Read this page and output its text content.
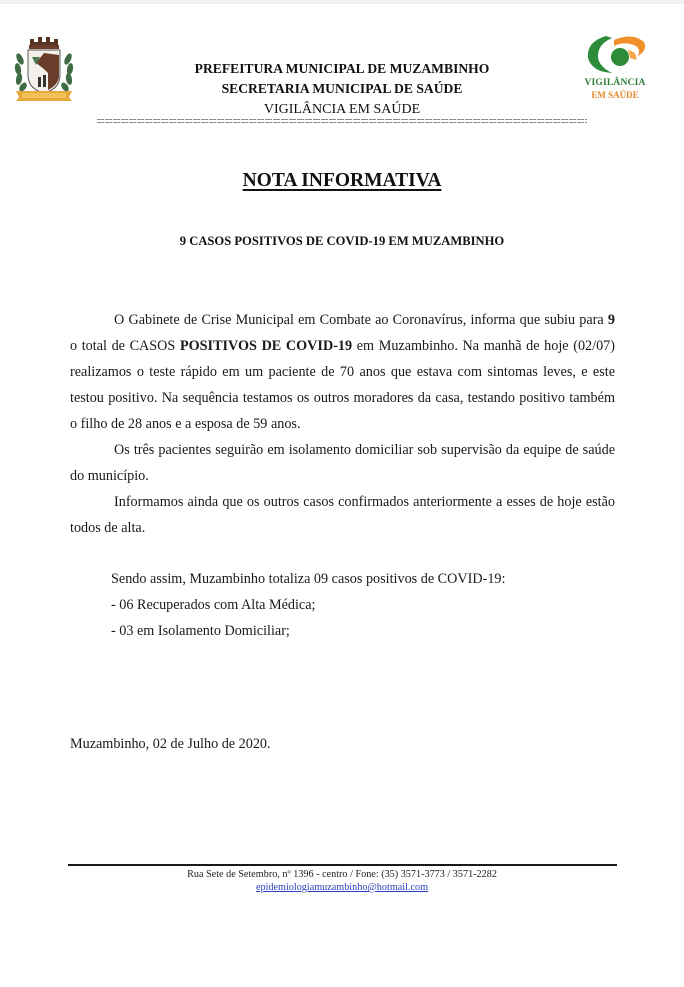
VIGILÂNCIA
EM SAÚDE
PREFEITURA MUNICIPAL DE MUZAMBINHO
SECRETARIA MUNICIPAL DE SAÚDE
VIGILÂNCIA EM SAÚDE
NOTA INFORMATIVA
9 CASOS POSITIVOS DE COVID-19 EM MUZAMBINHO

O Gabinete de Crise Municipal em Combate ao Coronavírus, informa que subiu para 9 o total de CASOS POSITIVOS DE COVID-19 em Muzambinho. Na manhã de hoje (02/07) realizamos o teste rápido em um paciente de 70 anos que estava com sintomas leves, e este testou positivo. Na sequência testamos os outros moradores da casa, testando positivo também o filho de 28 anos e a esposa de 59 anos.

Os três pacientes seguirão em isolamento domiciliar sob supervisão da equipe de saúde do município.

Informamos ainda que os outros casos confirmados anteriormente a esses de hoje estão todos de alta.

Sendo assim, Muzambinho totaliza 09 casos positivos de COVID-19:
- 06 Recuperados com Alta Médica;
- 03 em Isolamento Domiciliar;
Muzambinho, 02 de Julho de 2020.
Rua Sete de Setembro, nº 1396 - centro / Fone: (35) 3571-3773 / 3571-2282
epidemiologiamuzambinho@hotmail.com
